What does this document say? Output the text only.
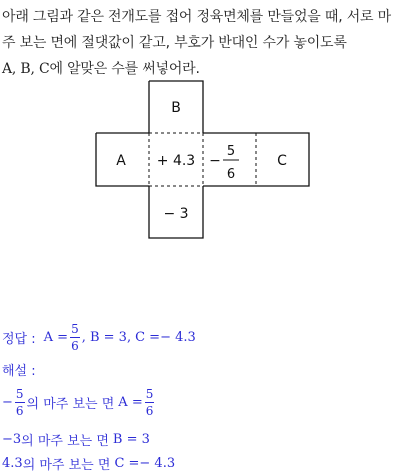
아래 그림과 같은 전개도를 접어 정육면체를 만들었을 때, 서로 마
주 보는 면에 절댓값이 같고, 부호가 반대인 수가 놓이도록
A, B, C에 알맞은 수를 써넣어라.
B
A + 4.3	C
− 3
−
5
6
정답 : $A = \frac{5}{6}$ , B = 3, C =− 4.3
해설 :
− $\frac{5}{6}$ 의 마주 보는 면 $A = \frac{5}{6}$
−3 의 마주 보는 면 B = 3
4.3 의 마주 보는 면 C =− 4.3
